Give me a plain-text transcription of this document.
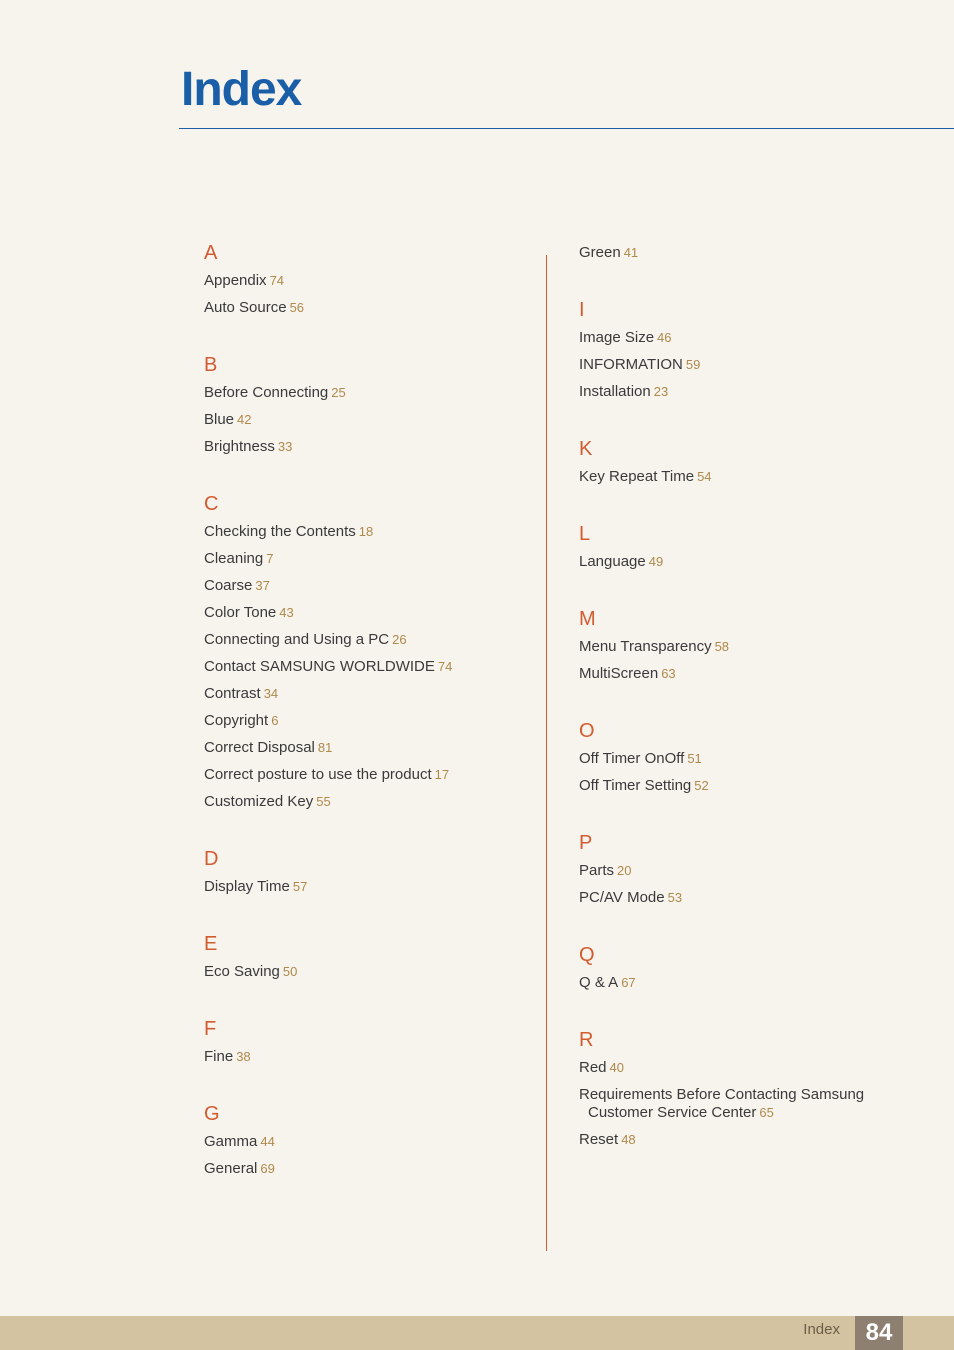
Index
A
Appendix 74
Auto Source 56
B
Before Connecting 25
Blue 42
Brightness 33
C
Checking the Contents 18
Cleaning 7
Coarse 37
Color Tone 43
Connecting and Using a PC 26
Contact SAMSUNG WORLDWIDE 74
Contrast 34
Copyright 6
Correct Disposal 81
Correct posture to use the product 17
Customized Key 55
D
Display Time 57
E
Eco Saving 50
F
Fine 38
G
Gamma 44
General 69
Green 41
I
Image Size 46
INFORMATION 59
Installation 23
K
Key Repeat Time 54
L
Language 49
M
Menu Transparency 58
MultiScreen 63
O
Off Timer OnOff 51
Off Timer Setting 52
P
Parts 20
PC/AV Mode 53
Q
Q & A 67
R
Red 40
Requirements Before Contacting Samsung
Customer Service Center 65
Reset 48
Index	84
